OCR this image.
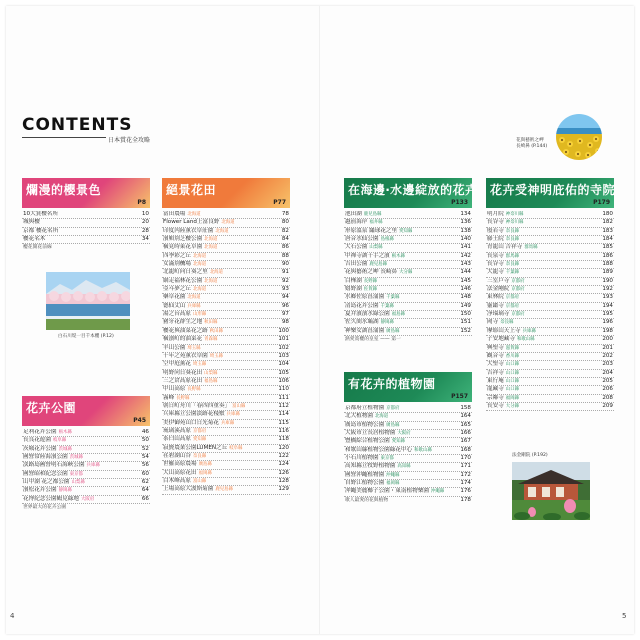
CONTENTS
日本賞花全攻略	花與藝術之岬
長崎鼻 (P.144)
爛漫的櫻景色
P8
10大賞櫻名所	10
城與櫻	20
京都 櫻花名所	28
櫻花名木	34
櫻花開花前線
花卉公園
P45
足利花卉公園 栃木縣	46
長良花遊園 岐阜縣	50
茨城花卉公園 茨城縣	52
國營常陸海濱公園 茨城縣	54
淡路島國營明石海峽公園 兵庫縣	56
國營昭和紀念公園 東京都	60
山中湖 花之都公園 山梨縣	62
濱松花卉公園 靜岡縣	64
花博紀念公園鶴見綠地 大阪府	66
世界最大的花卉公園
絕景花田
P77
富田農場 北海道	78
Flower Land上富良野 北海道	80
印度內陸薰衣草莊園 北海道	82
濱頓別芝櫻公園 北海道	84
橫見時東花草園 北海道	86
四季彩之丘 北海道	88
女滿別機場 北海道	90
北龍町向日葵之里 北海道	91
網走福林花公園 北海道	92
亞斗夢之丘 北海道	93
藥草花園 北海道	94
德仙丈山 兵庫縣	96
湯之台高原 山形縣	97
豬牙花群生之地 秋田縣	98
櫻花與油菜花之路 秋田縣	100
橫濱町的油菜花 青森縣	101
羊山公園 埼玉縣	102
千年之苑薰衣草園 埼玉縣	103
空中庭薰花 埼玉縣	104
明野向日葵花田 山梨縣	105
三之倉高原花田 福島縣	106
中山高原 長野縣	110
霧峰 長野縣	111
朝日町舟川「春四四重奏」 富山縣	112
兵庫縣立公園淡路花棧敷 兵庫縣	114
美伊御苑山口日光菊花 兵庫縣	115
琉璃溪高原 京都府	116
茶臼山高原 愛知縣	118
寂賢農業公園LUMEN之丘 岐阜縣	120
荏碧湖山谷 奈良縣	122
世羅高原農場 廣島縣	124
大山高原花田 福岡縣	126
白木峰高原 富山縣	128
上場高原大波斯菊園 鹿兒島縣	129
在海邊‧水邊綻放的花卉
P133
池田湖 鹿兒島縣	134
越前海岸 福井縣	136
形原溫泉 繡球花之里 愛知縣	138
唐音水仙公園 島根縣	140
大石公園 山梨縣	141
中禪寺湖千手之濱 栃木縣	142
吉田公園 鹿兒島縣	143
花與藝術之岬 長崎鼻 大分縣	144
白樺湖 長野縣	145
嬉野湖 佐賀縣	146
水郷佐原菖蒲園 千葉縣	148
清島花卉公園 千葉縣	149
夏井濱濱水綠公園 福島縣	150
佐久間水壩湖 靜岡縣	151
神樂女湖菖蒲園 廣島縣	152
熱愛賞櫻的皇室 —— 第一
有花卉的植物園
P157
京都府立植物園 京都府	158
北大植物園 北海道	164
廣島市植物公園 廣島縣	165
大阪市立長居植物園 大阪府	166
豐橋綜合植物公園 愛知縣	167
和歌山縣植物公園綠花中心 和歌山縣	168
小石川植物園 東京都	170
高知縣立牧野植物園 高知縣	171
國營沖繩植物園 沖繩縣	172
自野江植物公園 福岡縣	174
沖繩美麗椰子公園・東南植物樂園 沖繩縣	176
歌人最愛的花與植物	178
花卉受神明庇佑的寺院
P179
明月院 神奈川縣	180
長谷寺 神奈川縣	182
般若寺 奈良縣	183
藤王院 奈良縣	184
青龍山 吉祥寺 群馬縣	185
長泉寺 群馬縣	186
長谷寺 奈良縣	188
大龍寺 千葉縣	189
三室戶寺 京都府	190
法金剛院 京都府	192
東林院 京都府	193
靈鑑寺 京都府	194
淨瑠璃寺 京都府	195
岡寺 奈良縣	196
摩耶山天上寺 兵庫縣	198
子安地藏寺 和歌山縣	200
興聖寺 滋賀縣	201
觀音寺 香川縣	202
大聖寺 山口縣	203
吉祥寺 山口縣	204
東行庵 山口縣	205
龍藏寺 山口縣	206
宗鄰寺 福岡縣	208
長安寺 大分縣	209
白石川堤一目千本櫻 (P.12)
法金剛院 (P.192)
4	5
